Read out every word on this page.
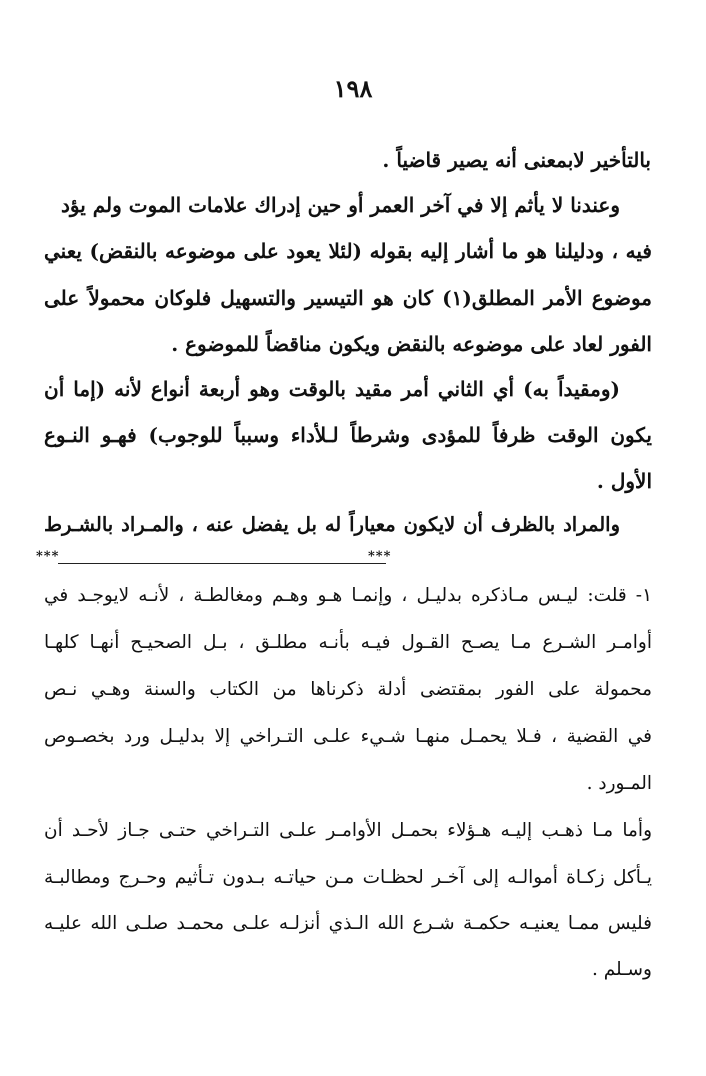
١٩٨
بالتأخير لابمعنى أنه يصير قاضياً .
وعندنا لا يأثم إلا في آخر العمر أو حين إدراك علامات الموت ولم يؤد
فيه ، ودليلنا هو ما أشار إليه بقوله (لئلا يعود على موضوعه بالنقض) يعني
موضوع الأمر المطلق(١) كان هو التيسير والتسهيل فلوكان محمولاً على
الفور لعاد على موضوعه بالنقض ويكون مناقضاً للموضوع .
(ومقيداً به) أي الثاني أمر مقيد بالوقت وهو أربعة أنواع لأنه (إما أن
يكون الوقت ظرفاً للمؤدى وشرطاً لـلأداء وسبباً للوجوب) فهـو النـوع
الأول .
والمراد بالظرف أن لايكون معياراً له بل يفضل عنه ، والمـراد بالشـرط
***
***
١- قلت: ليـس مـاذكره بدليـل ، وإنمـا هـو وهـم ومغالطـة ، لأنـه لايوجـد في
أوامـر الشـرع مـا يصـح القـول فيـه بأنـه مطلـق ، بـل الصحيـح أنهـا كلهـا
محمولة على الفور بمقتضى أدلة ذكرناها من الكتاب والسنة وهـي نـص
في القضية ، فـلا يحمـل منهـا شـيء علـى التـراخي إلا بدليـل ورد بخصـوص
المـورد .
وأما مـا ذهـب إليـه هـؤلاء بحمـل الأوامـر علـى التـراخي حتـى جـاز لأحـد أن
يـأكل زكـاة أموالـه إلى آخـر لحظـات مـن حياتـه بـدون تـأثيم وحـرج ومطالبـة
فليس ممـا يعنيـه حكمـة شـرع الله الـذي أنزلـه علـى محمـد صلـى الله عليـه
وسـلم .
